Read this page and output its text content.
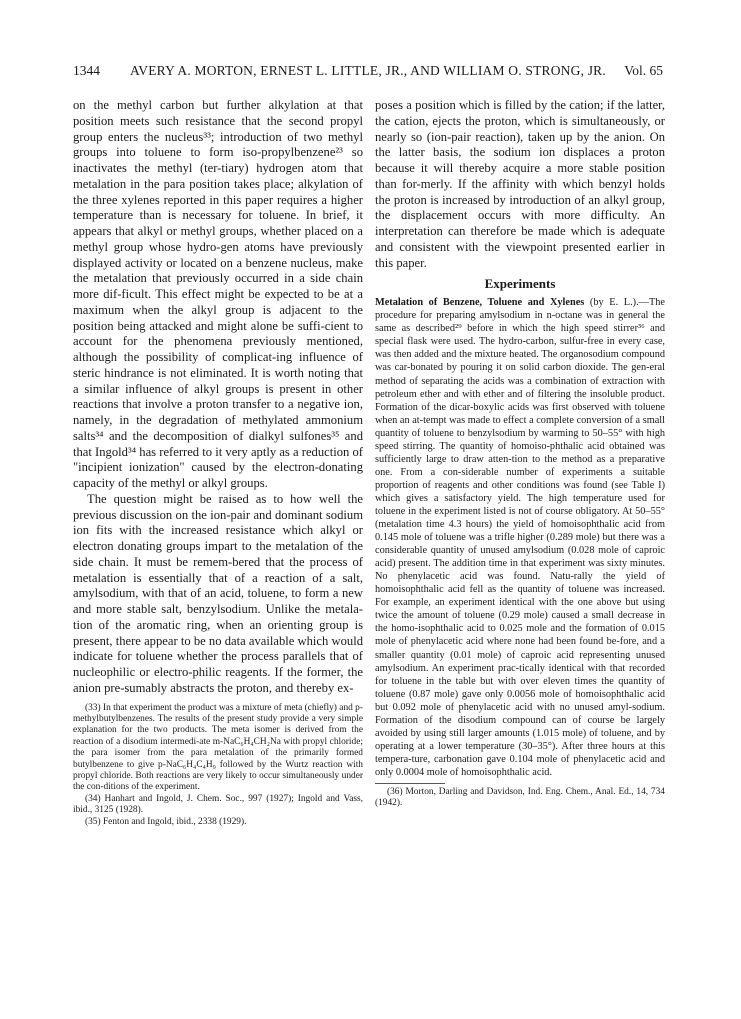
1344	AVERY A. MORTON, ERNEST L. LITTLE, JR., AND WILLIAM O. STRONG, JR.	Vol. 65

on the methyl carbon but further alkylation at that position meets such resistance that the second propyl group enters the nucleus³³; introduction of two methyl groups into toluene to form iso-propylbenzene²³ so inactivates the methyl (ter-tiary) hydrogen atom that metalation in the para position takes place; alkylation of the three xylenes reported in this paper requires a higher temperature than is necessary for toluene. In brief, it appears that alkyl or methyl groups, whether placed on a methyl group whose hydro-gen atoms have previously displayed activity or located on a benzene nucleus, make the metalation that previously occurred in a side chain more dif-ficult. This effect might be expected to be at a maximum when the alkyl group is adjacent to the position being attacked and might alone be suffi-cient to account for the phenomena previously mentioned, although the possibility of complicat-ing influence of steric hindrance is not eliminated. It is worth noting that a similar influence of alkyl groups is present in other reactions that involve a proton transfer to a negative ion, namely, in the degradation of methylated ammonium salts³⁴ and the decomposition of dialkyl sulfones³⁵ and that Ingold³⁴ has referred to it very aptly as a reduction of "incipient ionization" caused by the electron-donating capacity of the methyl or alkyl groups.

The question might be raised as to how well the previous discussion on the ion-pair and dominant sodium ion fits with the increased resistance which alkyl or electron donating groups impart to the metalation of the side chain. It must be remem-bered that the process of metalation is essentially that of a reaction of a salt, amylsodium, with that of an acid, toluene, to form a new and more stable salt, benzylsodium. Unlike the metala-tion of the aromatic ring, when an orienting group is present, there appear to be no data available which would indicate for toluene whether the process parallels that of nucleophilic or electro-philic reagents. If the former, the anion pre-sumably abstracts the proton, and thereby ex-

(33) In that experiment the product was a mixture of meta (chiefly) and p-methylbutylbenzenes. The results of the present study provide a very simple explanation for the two products. The meta isomer is derived from the reaction of a disodium intermedi-ate m-NaC₆H₄CH₂Na with propyl chloride; the para isomer from the para metalation of the primarily formed butylbenzene to give p-NaC₆H₄C₄H₉ followed by the Wurtz reaction with propyl chloride. Both reactions are very likely to occur simultaneously under the con-ditions of the experiment.

(34) Hanhart and Ingold, J. Chem. Soc., 997 (1927); Ingold and Vass, ibid., 3125 (1928).

(35) Fenton and Ingold, ibid., 2338 (1929).

poses a position which is filled by the cation; if the latter, the cation, ejects the proton, which is simultaneously, or nearly so (ion-pair reaction), taken up by the anion. On the latter basis, the sodium ion displaces a proton because it will thereby acquire a more stable position than for-merly. If the affinity with which benzyl holds the proton is increased by introduction of an alkyl group, the displacement occurs with more difficulty. An interpretation can therefore be made which is adequate and consistent with the viewpoint presented earlier in this paper.

Experiments

Metalation of Benzene, Toluene and Xylenes (by E. L.).—The procedure for preparing amylsodium in n-octane was in general the same as described²⁹ before in which the high speed stirrer³⁶ and special flask were used. The hydro-carbon, sulfur-free in every case, was then added and the mixture heated. The organosodium compound was car-bonated by pouring it on solid carbon dioxide. The gen-eral method of separating the acids was a combination of extraction with petroleum ether and with ether and of filtering the insoluble product. Formation of the dicar-boxylic acids was first observed with toluene when an at-tempt was made to effect a complete conversion of a small quantity of toluene to benzylsodium by warming to 50–55° with high speed stirring. The quantity of homoiso-phthalic acid obtained was sufficiently large to draw atten-tion to the method as a preparative one. From a con-siderable number of experiments a suitable proportion of reagents and other conditions was found (see Table I) which gives a satisfactory yield. The high temperature used for toluene in the experiment listed is not of course obligatory. At 50–55° (metalation time 4.3 hours) the yield of homoisophthalic acid from 0.145 mole of toluene was a trifle higher (0.289 mole) but there was a considerable quantity of unused amylsodium (0.028 mole of caproic acid) present. The addition time in that experiment was sixty minutes. No phenylacetic acid was found. Natu-rally the yield of homoisophthalic acid fell as the quantity of toluene was increased. For example, an experiment identical with the one above but using twice the amount of toluene (0.29 mole) caused a small decrease in the homo-isophthalic acid to 0.025 mole and the formation of 0.015 mole of phenylacetic acid where none had been found be-fore, and a smaller quantity (0.01 mole) of caproic acid representing unused amylsodium. An experiment prac-tically identical with that recorded for toluene in the table but with over eleven times the quantity of toluene (0.87 mole) gave only 0.0056 mole of homoisophthalic acid but 0.092 mole of phenylacetic acid with no unused amyl-sodium. Formation of the disodium compound can of course be largely avoided by using still larger amounts (1.015 mole) of toluene, and by operating at a lower temperature (30–35°). After three hours at this tempera-ture, carbonation gave 0.104 mole of phenylacetic acid and only 0.0004 mole of homoisophthalic acid.

(36) Morton, Darling and Davidson, Ind. Eng. Chem., Anal. Ed., 14, 734 (1942).
